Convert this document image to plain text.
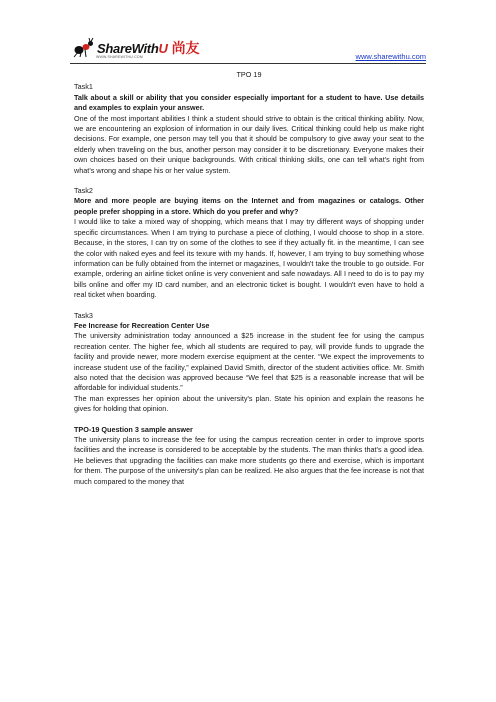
ShareWithU 尚友
WWW.SHAREWITHU.COM	www.sharewithu.com

TPO 19

Task1

Talk about a skill or ability that you consider especially important for a student to have. Use details and examples to explain your answer.

One of the most important abilities I think a student should strive to obtain is the critical thinking ability. Now, we are encountering an explosion of information in our daily lives. Critical thinking could help us make right decisions. For example, one person may tell you that it should be compulsory to give away your seat to the elderly when traveling on the bus, another person may consider it to be discretionary. Everyone makes their own choices based on their unique backgrounds. With critical thinking skills, one can tell what's right from what's wrong and shape his or her value system.

Task2

More and more people are buying items on the Internet and from magazines or catalogs. Other people prefer shopping in a store. Which do you prefer and why?

I would like to take a mixed way of shopping, which means that I may try different ways of shopping under specific circumstances. When I am trying to purchase a piece of clothing, I would choose to shop in a store. Because, in the stores, I can try on some of the clothes to see if they actually fit. in the meantime, I can see the color with naked eyes and feel its texure with my hands. If, however, I am trying to buy something whose information can be fully obtained from the internet or magazines, I wouldn't take the trouble to go outside. For example, ordering an airline ticket online is very convenient and safe nowadays. All I need to do is to pay my bills online and offer my ID card number, and an electronic ticket is bought. I wouldn't even have to hold a real ticket when boarding.

Task3

Fee Increase for Recreation Center Use

The university administration today announced a $25 increase in the student fee for using the campus recreation center. The higher fee, which all students are required to pay, will provide funds to upgrade the facility and provide newer, more modern exercise equipment at the center. “We expect the improvements to increase student use of the facility,” explained David Smith, director of the student activities office. Mr. Smith also noted that the decision was approved because “We feel that $25 is a reasonable increase that will be affordable for individual students.”

The man expresses her opinion about the university's plan. State his opinion and explain the reasons he gives for holding that opinion.

TPO-19 Question 3 sample answer

The university plans to increase the fee for using the campus recreation center in order to improve sports facilities and the increase is considered to be acceptable by the students. The man thinks that's a good idea. He believes that upgrading the facilities can make more students go there and exercise, which is important for them. The purpose of the university's plan can be realized. He also argues that the fee increase is not that much compared to the money that
